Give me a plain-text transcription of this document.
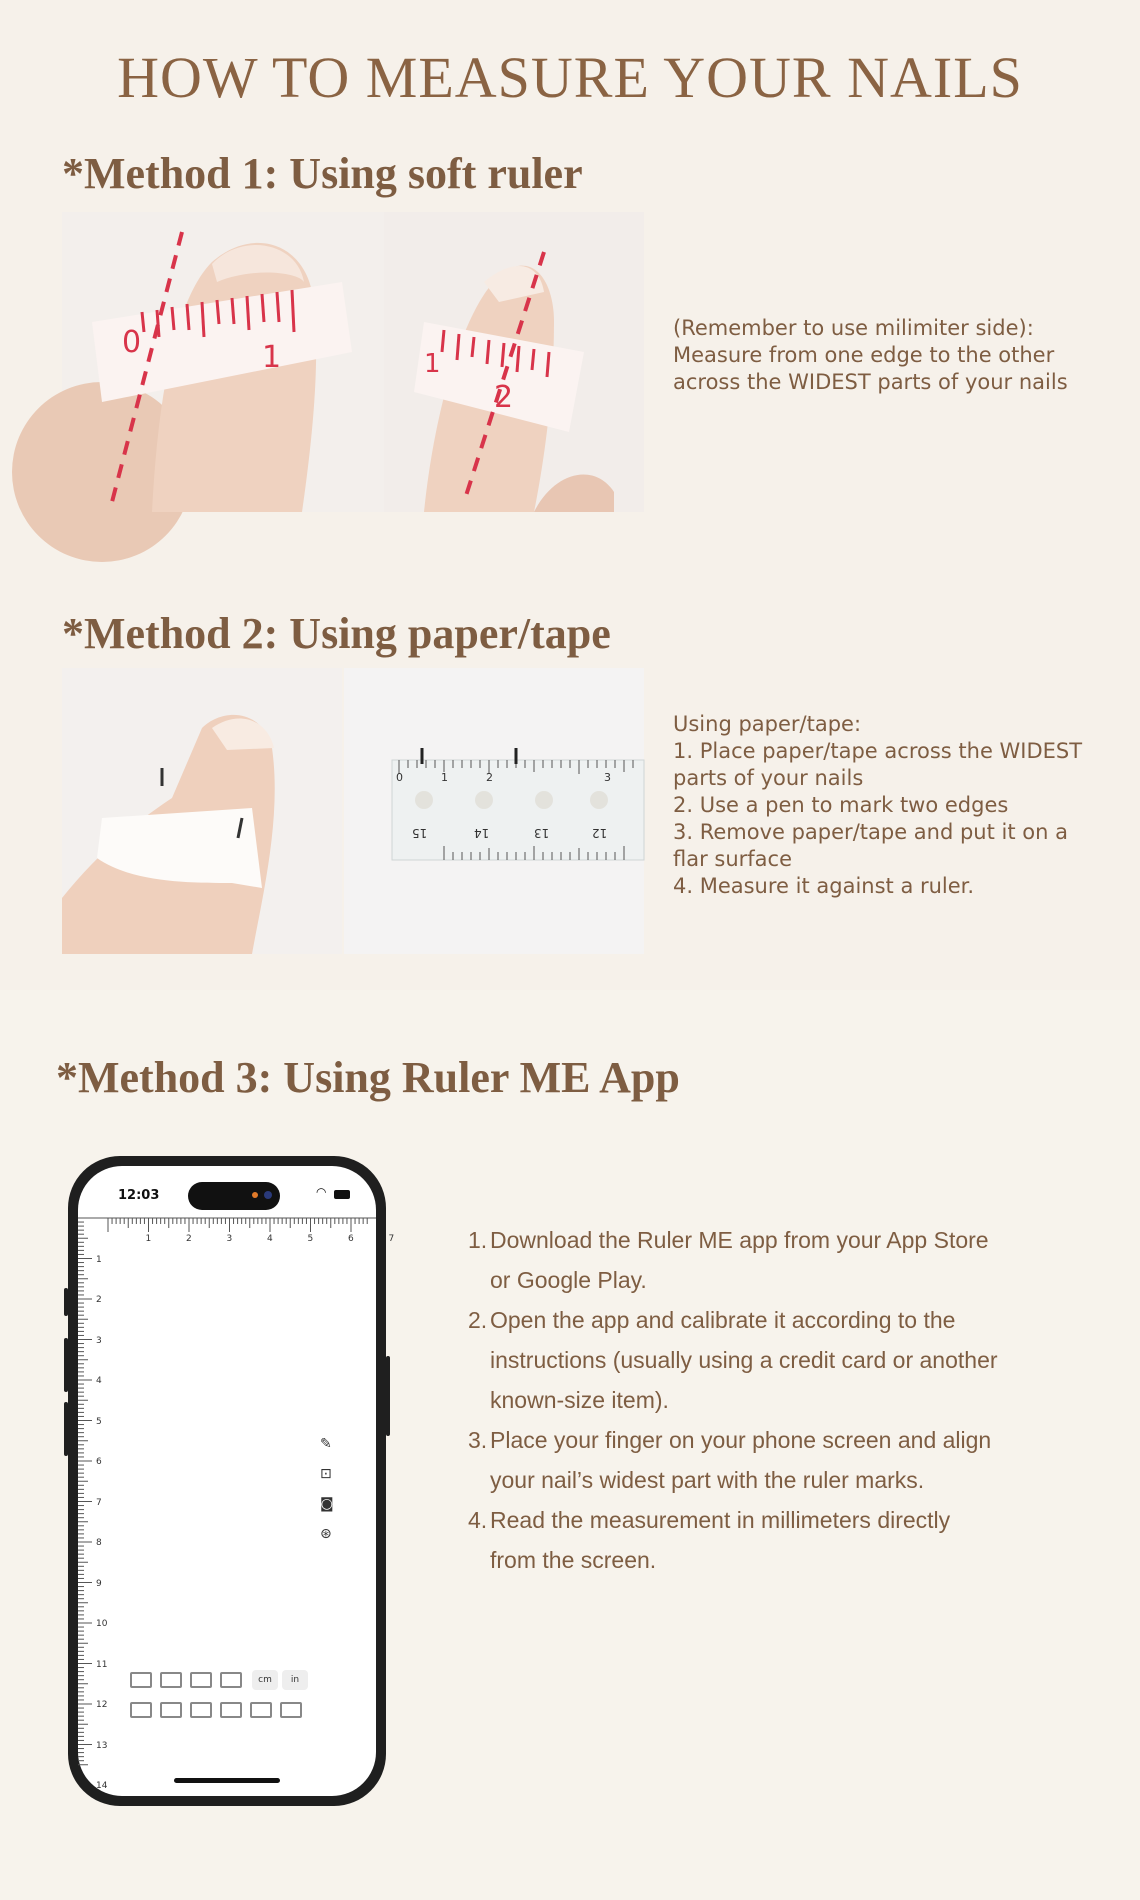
HOW TO MEASURE YOUR NAILS
*Method 1: Using soft ruler
0	1	1
2
(Remember to use milimiter side):
Measure from one edge to the other
across the WIDEST parts of your nails
*Method 2: Using paper/tape
0	1	2	3
15	14	13	12
Using paper/tape:
1. Place paper/tape across the WIDEST
parts of your nails
2. Use a pen to mark two edges
3. Remove paper/tape and put it on a
flar surface
4. Measure it against a ruler.
*Method 3: Using Ruler ME App
12:03	◠
1	2	3	4	5	6	7
1
2
3
4
5
6
7
8
9
10
11
12
13
14
✎
⊡
◙
⊛
cm	in
1. Download the Ruler ME app from your App Store
or Google Play.
2. Open the app and calibrate it according to the
instructions (usually using a credit card or another
known-size item).
3. Place your finger on your phone screen and align
your nail’s widest part with the ruler marks.
4. Read the measurement in millimeters directly
from the screen.
